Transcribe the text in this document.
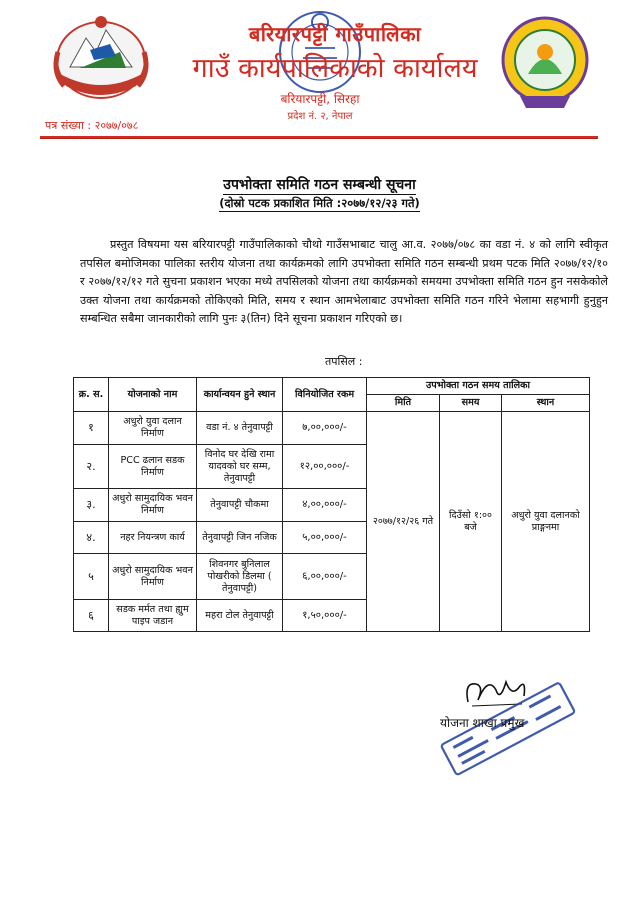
बरियारपट्टी गाउँपालिका
गाउँ कार्यपालिकाको कार्यालय
बरियारपट्टी, सिरहा
प्रदेश नं. २, नेपाल
पत्र संख्या : २०७७/०७८
उपभोक्ता समिति गठन सम्बन्धी सूचना
(दोस्रो पटक प्रकाशित मिति :२०७७/१२/२३ गते)

प्रस्तुत विषयमा यस बरियारपट्टी गाउँपालिकाको चौथो गाउँसभाबाट चालु आ.व. २०७७/०७८ का वडा नं. ४ को लागि स्वीकृत तपसिल बमोजिमका पालिका स्तरीय योजना तथा कार्यक्रमको लागि उपभोक्ता समिति गठन सम्बन्धी प्रथम पटक मिति २०७७/१२/१० र २०७७/१२/१२ गते सुचना प्रकाशन भएका मध्ये तपसिलको योजना तथा कार्यक्रमको समयमा उपभोक्ता समिति गठन हुन नसकेकोले उक्त योजना तथा कार्यक्रमको तोकिएको मिति, समय र स्थान आमभेलाबाट उपभोक्ता समिति गठन गरिने भेलामा सहभागी हुनुहुन सम्बन्धित सबैमा जानकारीको लागि पुनः ३(तिन) दिने सूचना प्रकाशन गरिएको छ।

तपसिल :
क्र. स.	योजनाको नाम	कार्यान्वयन हुने स्थान	विनियोजित रकम	उपभोक्ता गठन समय तालिका		
				मिति	समय	स्थान
१	अधुरो युवा दलान निर्माण	वडा नं. ४ तेनुवापट्टी	७,००,०००/-	२०७७/१२/२६ गते	दिउँसो १:०० बजे	अधुरो युवा दलानको प्राङ्गनमा
२.	PCC ढलान सडक निर्माण	विनोद घर देखि रामा यादवको घर सम्म, तेनुवापट्टी	१२,००,०००/-			
३.	अधुरो सामुदायिक भवन निर्माण	तेनुवापट्टी चौकमा	४,००,०००/-			
४.	नहर नियन्त्रण कार्य	तेनुवापट्टी जिन नजिक	५,००,०००/-			
५	अधुरो सामुदायिक भवन निर्माण	शिवनगर बुनिलाल पोखरीको डिलमा ( तेनुवापट्टी)	६,००,०००/-			
६	सडक मर्मत तथा ह्युम पाइप जडान	महरा टोल तेनुवापट्टी	१,५०,०००/-			
योजना शाखा प्रमुख
